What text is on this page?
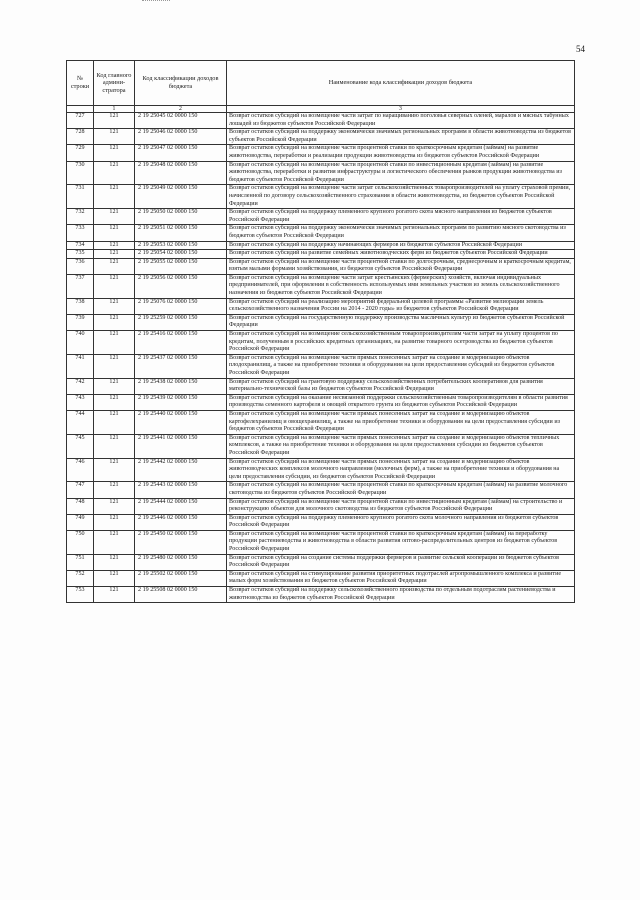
54
№ строки	Код главного админи-стратора	Код классификации доходов бюджета	Наименование кода классификации доходов бюджета
	1	2	3
727	121	2 19 25045 02 0000 150	Возврат остатков субсидий на возмещение части затрат по наращиванию поголовья северных оленей, маралов и мясных табунных лошадей из бюджетов субъектов Российской Федерации
728	121	2 19 25046 02 0000 150	Возврат остатков субсидий на поддержку экономически значимых региональных программ в области животноводства из бюджетов субъектов Российской Федерации
729	121	2 19 25047 02 0000 150	Возврат остатков субсидий на возмещение части процентной ставки по краткосрочным кредитам (займам) на развитие животноводства, переработки и реализации продукции животноводства из бюджетов субъектов Российской Федерации
730	121	2 19 25048 02 0000 150	Возврат остатков субсидий на возмещение части процентной ставки по инвестиционным кредитам (займам) на развитие животноводства, переработки и развития инфраструктуры и логистического обеспечения рынков продукции животноводства из бюджетов субъектов Российской Федерации
731	121	2 19 25049 02 0000 150	Возврат остатков субсидий на возмещение части затрат сельскохозяйственных товаропроизводителей на уплату страховой премии, начисленной по договору сельскохозяйственного страхования в области животноводства, из бюджетов субъектов Российской Федерации
732	121	2 19 25050 02 0000 150	Возврат остатков субсидий на поддержку племенного крупного рогатого скота мясного направления из бюджетов субъектов Российской Федерации
733	121	2 19 25051 02 0000 150	Возврат остатков субсидий на поддержку экономически значимых региональных программ по развитию мясного скотоводства из бюджетов субъектов Российской Федерации
734	121	2 19 25053 02 0000 150	Возврат остатков субсидий на поддержку начинающих фермеров из бюджетов субъектов Российской Федерации
735	121	2 19 25054 02 0000 150	Возврат остатков субсидий на развитие семейных животноводческих ферм из бюджетов субъектов Российской Федерации
736	121	2 19 25055 02 0000 150	Возврат остатков субсидий на возмещение части процентной ставки по долгосрочным, среднесрочным и краткосрочным кредитам, взятым малыми формами хозяйствования, из бюджетов субъектов Российской Федерации
737	121	2 19 25056 02 0000 150	Возврат остатков субсидий на возмещение части затрат крестьянских (фермерских) хозяйств, включая индивидуальных предпринимателей, при оформлении в собственность используемых ими земельных участков из земель сельскохозяйственного назначения из бюджетов субъектов Российской Федерации
738	121	2 19 25076 02 0000 150	Возврат остатков субсидий на реализацию мероприятий федеральной целевой программы «Развитие мелиорации земель сельскохозяйственного назначения России на 2014 - 2020 годы» из бюджетов субъектов Российской Федерации
739	121	2 19 25259 02 0000 150	Возврат остатков субсидий на государственную поддержку производства масличных культур из бюджетов субъектов Российской Федерации
740	121	2 19 25416 02 0000 150	Возврат остатков субсидий на возмещение сельскохозяйственным товаропроизводителям части затрат на уплату процентов по кредитам, полученным в российских кредитных организациях, на развитие товарного осетроводства из бюджетов субъектов Российской Федерации
741	121	2 19 25437 02 0000 150	Возврат остатков субсидий на возмещение части прямых понесенных затрат на создание и модернизацию объектов плодохранилищ, а также на приобретение техники и оборудования на цели предоставления субсидий из бюджетов субъектов Российской Федерации
742	121	2 19 25438 02 0000 150	Возврат остатков субсидий на грантовую поддержку сельскохозяйственных потребительских кооперативов для развития материально-технической базы из бюджетов субъектов Российской Федерации
743	121	2 19 25439 02 0000 150	Возврат остатков субсидий на оказание несвязанной поддержки сельскохозяйственным товаропроизводителям в области развития производства семенного картофеля и овощей открытого грунта из бюджетов субъектов Российской Федерации
744	121	2 19 25440 02 0000 150	Возврат остатков субсидий на возмещение части прямых понесенных затрат на создание и модернизацию объектов картофелехранилищ и овощехранилищ, а также на приобретение техники и оборудования на цели предоставления субсидии из бюджетов субъектов Российской Федерации
745	121	2 19 25441 02 0000 150	Возврат остатков субсидий на возмещение части прямых понесенных затрат на создание и модернизацию объектов тепличных комплексов, а также на приобретение техники и оборудования на цели предоставления субсидии из бюджетов субъектов Российской Федерации
746	121	2 19 25442 02 0000 150	Возврат остатков субсидий на возмещение части прямых понесенных затрат на создание и модернизацию объектов животноводческих комплексов молочного направления (молочных ферм), а также на приобретение техники и оборудования на цели предоставления субсидии, из бюджетов субъектов Российской Федерации
747	121	2 19 25443 02 0000 150	Возврат остатков субсидий на возмещение части процентной ставки по краткосрочным кредитам (займам) на развитие молочного скотоводства из бюджетов субъектов Российской Федерации
748	121	2 19 25444 02 0000 150	Возврат остатков субсидий на возмещение части процентной ставки по инвестиционным кредитам (займам) на строительство и реконструкцию объектов для молочного скотоводства из бюджетов субъектов Российской Федерации
749	121	2 19 25446 02 0000 150	Возврат остатков субсидий на поддержку племенного крупного рогатого скота молочного направления из бюджетов субъектов Российской Федерации
750	121	2 19 25450 02 0000 150	Возврат остатков субсидий на возмещение части процентной ставки по краткосрочным кредитам (займам) на переработку продукции растениеводства и животноводства в области развития оптово-распределительных центров из бюджетов субъектов Российской Федерации
751	121	2 19 25480 02 0000 150	Возврат остатков субсидий на создание системы поддержки фермеров и развитие сельской кооперации из бюджетов субъектов Российской Федерации
752	121	2 19 25502 02 0000 150	Возврат остатков субсидий на стимулирование развития приоритетных подотраслей агропромышленного комплекса и развитие малых форм хозяйствования из бюджетов субъектов Российской Федерации
753	121	2 19 25508 02 0000 150	Возврат остатков субсидий на поддержку сельскохозяйственного производства по отдельным подотраслям растениеводства и животноводства из бюджетов субъектов Российской Федерации
